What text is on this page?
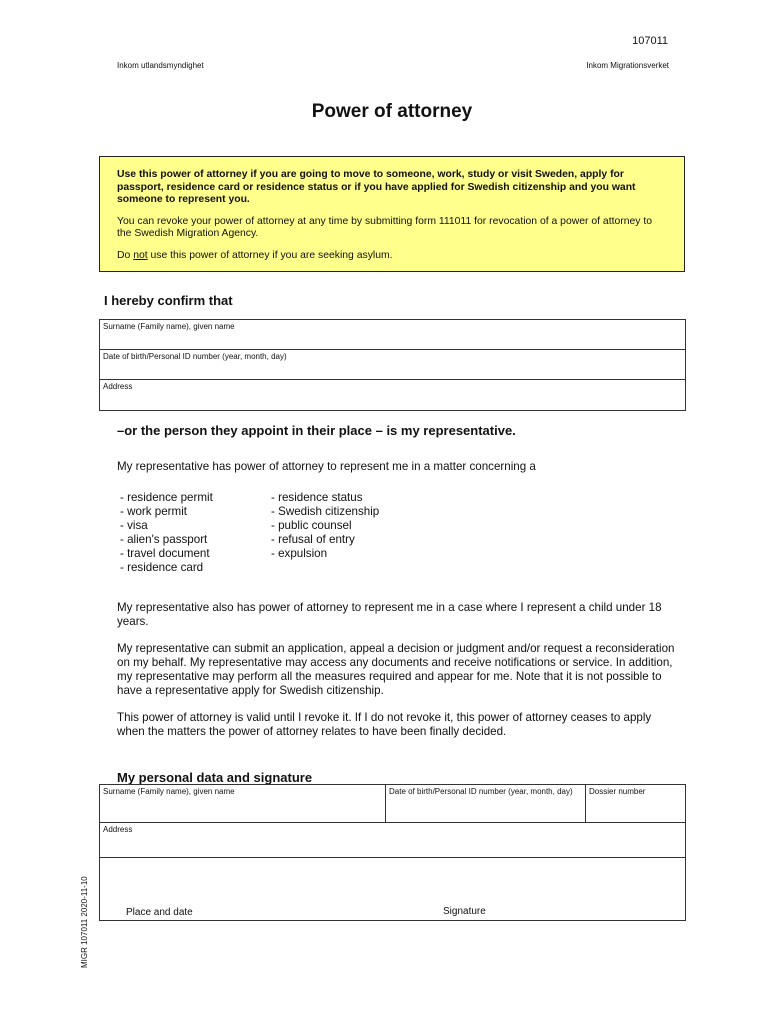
107011
Inkom utlandsmyndighet	Inkom Migrationsverket
Power of attorney

Use this power of attorney if you are going to move to someone, work, study or visit Sweden, apply for passport, residence card or residence status or if you have applied for Swedish citizenship and you want someone to represent you.

You can revoke your power of attorney at any time by submitting form 111011 for revocation of a power of attorney to the Swedish Migration Agency.

Do not use this power of attorney if you are seeking asylum.

I hereby confirm that
Surname (Family name), given name
Date of birth/Personal ID number (year, month, day)
Address
–or the person they appoint in their place – is my representative.
My representative has power of attorney to represent me in a matter concerning a
- residence permit
- work permit
- visa
- alien's passport
- travel document
- residence card
- residence status
- Swedish citizenship
- public counsel
- refusal of entry
- expulsion
My representative also has power of attorney to represent me in a case where I represent a child under 18 years.
My representative can submit an application, appeal a decision or judgment and/or request a reconsideration on my behalf. My representative may access any documents and receive notifications or service. In addition, my representative may perform all the measures required and appear for me. Note that it is not possible to have a representative apply for Swedish citizenship.
This power of attorney is valid until I revoke it. If I do not revoke it, this power of attorney ceases to apply when the matters the power of attorney relates to have been finally decided.
My personal data and signature
Surname (Family name), given name	Date of birth/Personal ID number (year, month, day)	Dossier number
Address
Place and date	Signature
MIGR 107011 2020-11-10
